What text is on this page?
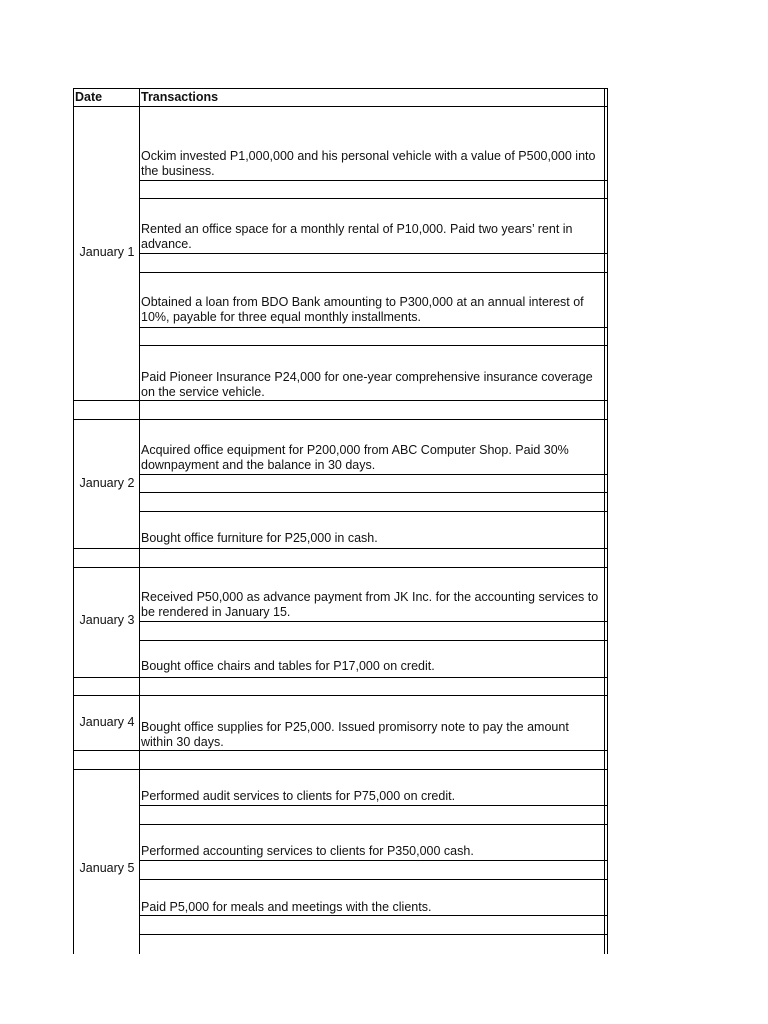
Date	Transactions
January 1
January 2
January 3
January 4
January 5
Ockim invested P1,000,000 and his personal vehicle with a value of P500,000 into the business.
Rented an office space for a monthly rental of P10,000. Paid two years’ rent in advance.
Obtained a loan from BDO Bank amounting to P300,000 at an annual interest of 10%, payable for three equal monthly installments.
Paid Pioneer Insurance P24,000 for one-year comprehensive insurance coverage on the service vehicle.
Acquired office equipment for P200,000 from ABC Computer Shop. Paid 30% downpayment and the balance in 30 days.
Bought office furniture for P25,000 in cash.
Received P50,000 as advance payment from JK Inc. for the accounting services to be rendered in January 15.
Bought office chairs and tables for P17,000 on credit.
Bought office supplies for P25,000. Issued promisorry note to pay the amount within 30 days.
Performed audit services to clients for P75,000 on credit.
Performed accounting services to clients for P350,000 cash.
Paid P5,000 for meals and meetings with the clients.
